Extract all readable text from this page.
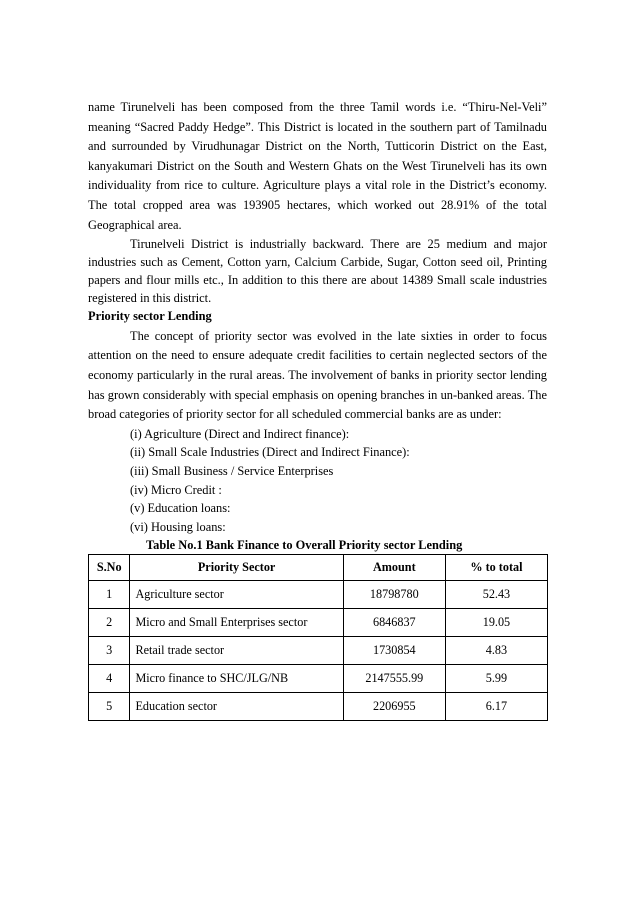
name Tirunelveli has been composed from the three Tamil words i.e. “Thiru-Nel-Veli” meaning “Sacred Paddy Hedge”. This District is located in the southern part of Tamilnadu and surrounded by Virudhunagar District on the North, Tutticorin District on the East, kanyakumari District on the South and Western Ghats on the West Tirunelveli has its own individuality from rice to culture. Agriculture plays a vital role in the District’s economy. The total cropped area was 193905 hectares, which worked out 28.91% of the total Geographical area.

Tirunelveli District is industrially backward. There are 25 medium and major industries such as Cement, Cotton yarn, Calcium Carbide, Sugar, Cotton seed oil, Printing papers and flour mills etc., In addition to this there are about 14389 Small scale industries registered in this district.

Priority sector Lending

The concept of priority sector was evolved in the late sixties in order to focus attention on the need to ensure adequate credit facilities to certain neglected sectors of the economy particularly in the rural areas. The involvement of banks in priority sector lending has grown considerably with special emphasis on opening branches in un-banked areas. The broad categories of priority sector for all scheduled commercial banks are as under:

(i) Agriculture (Direct and Indirect finance):
(ii) Small Scale Industries (Direct and Indirect Finance):
(iii) Small Business / Service Enterprises
(iv) Micro Credit :
(v) Education loans:
(vi) Housing loans:

Table No.1 Bank Finance to Overall Priority sector Lending

S.No	Priority Sector	Amount	% to total
1	Agriculture sector	18798780	52.43
2	Micro and Small Enterprises sector	6846837	19.05
3	Retail trade sector	1730854	4.83
4	Micro finance to SHC/JLG/NB	2147555.99	5.99
5	Education sector	2206955	6.17
